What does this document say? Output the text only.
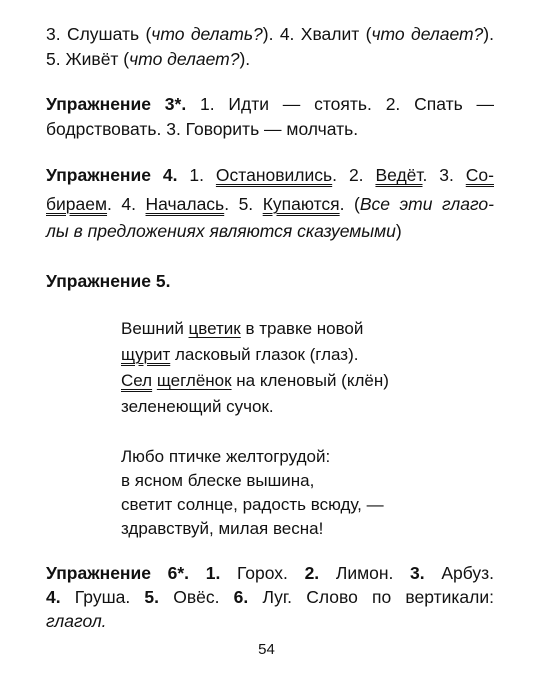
3. Слушать (что делать?). 4. Хвалит (что делает?).
5. Живёт (что делает?).
Упражнение 3*. 1. Идти — стоять. 2. Спать —
бодрствовать. 3. Говорить — молчать.
Упражнение 4. 1. Остановились. 2. Ведёт. 3. Со-
бираем. 4. Началась. 5. Купаются. (Все эти глаго-
лы в предложениях являются сказуемыми)
Упражнение 5.
Вешний цветик в травке новой
щурит ласковый глазок (глаз).
Сел щеглёнок на кленовый (клён)
зеленеющий сучок.
Любо птичке желтогрудой:
в ясном блеске вышина,
светит солнце, радость всюду, —
здравствуй, милая весна!
Упражнение 6*. 1. Горох. 2. Лимон. 3. Арбуз.
4. Груша. 5. Овёс. 6. Луг. Слово по вертикали:
глагол.
54
